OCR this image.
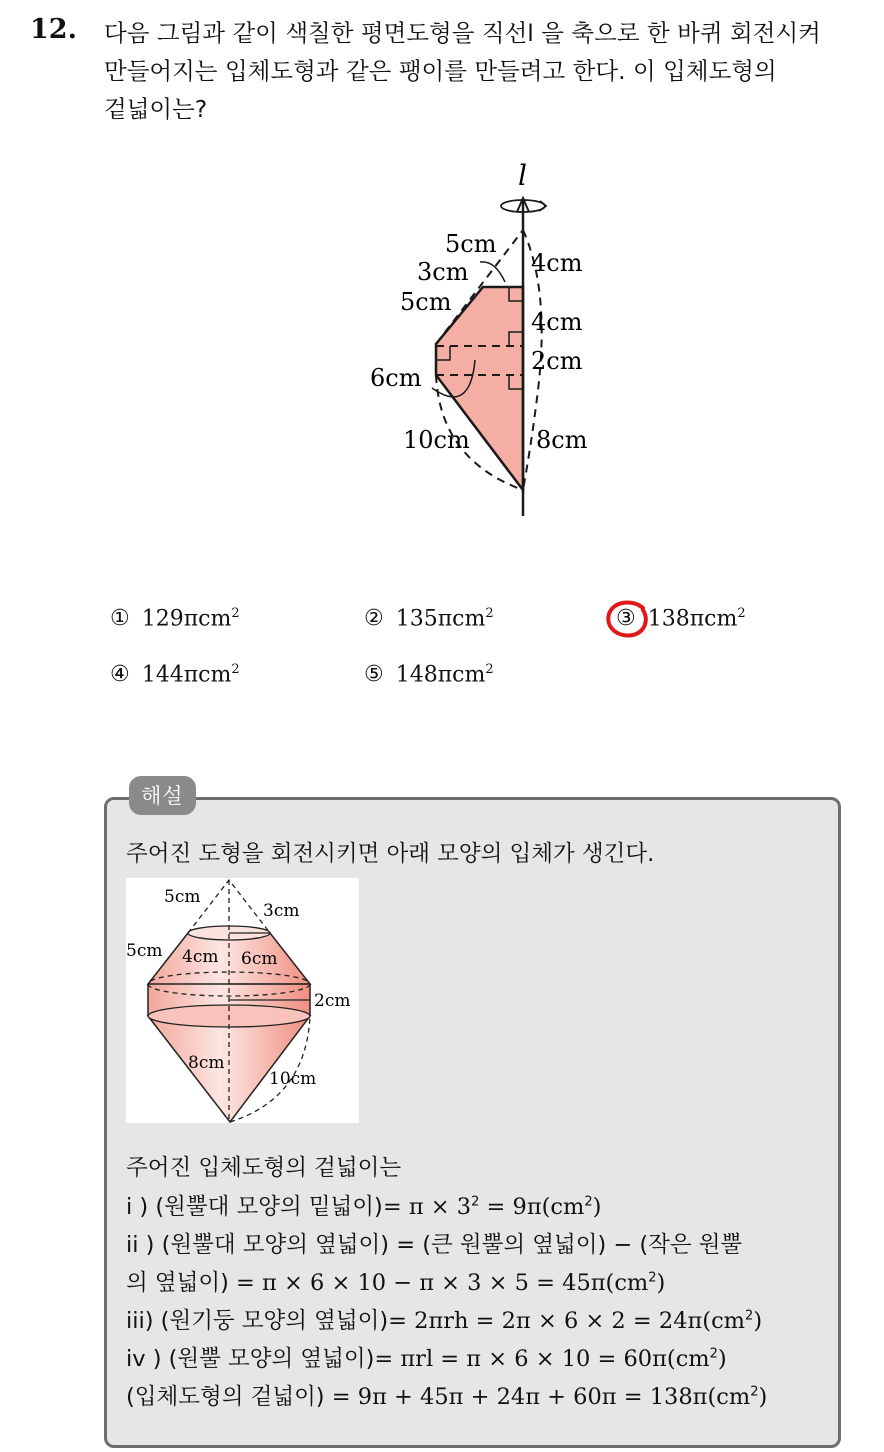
12. 다음 그림과 같이 색칠한 평면도형을 직선l 을 축으로 한 바퀴 회전시켜
만들어지는 입체도형과 같은 팽이를 만들려고 한다. 이 입체도형의
겉넓이는?
5cm
3cm
5cm
4cm
4cm
2cm
6cm
10cm	8cm
l
① 129πcm$^2$	② 135πcm$^2$	③ 138πcm$^2$
④ 144πcm$^2$	⑤ 148πcm$^2$
해설
주어진 도형을 회전시키면 아래 모양의 입체가 생긴다.
5cm
3cm
5cm 4cm 6cm
2cm
8cm
10cm
주어진 입체도형의 겉넓이는
i ) (원뿔대 모양의 밑넓이)= $\pi \times 3^2 = 9\pi(cm^2)$
ii ) (원뿔대 모양의 옆넓이) = (큰 원뿔의 옆넓이) − (작은 원뿔
의 옆넓이) = $\pi \times 6 \times 10 - \pi \times 3 \times 5 = 45\pi(cm^2)$
iii) (원기둥 모양의 옆넓이)= $2\pi rh = 2\pi \times 6 \times 2 = 24\pi(cm^2)$
iv ) (원뿔 모양의 옆넓이)= $\pi rl = \pi \times 6 \times 10 = 60\pi(cm^2)$
(입체도형의 겉넓이) = $9\pi + 45\pi + 24\pi + 60\pi = 138\pi(cm^2)$
